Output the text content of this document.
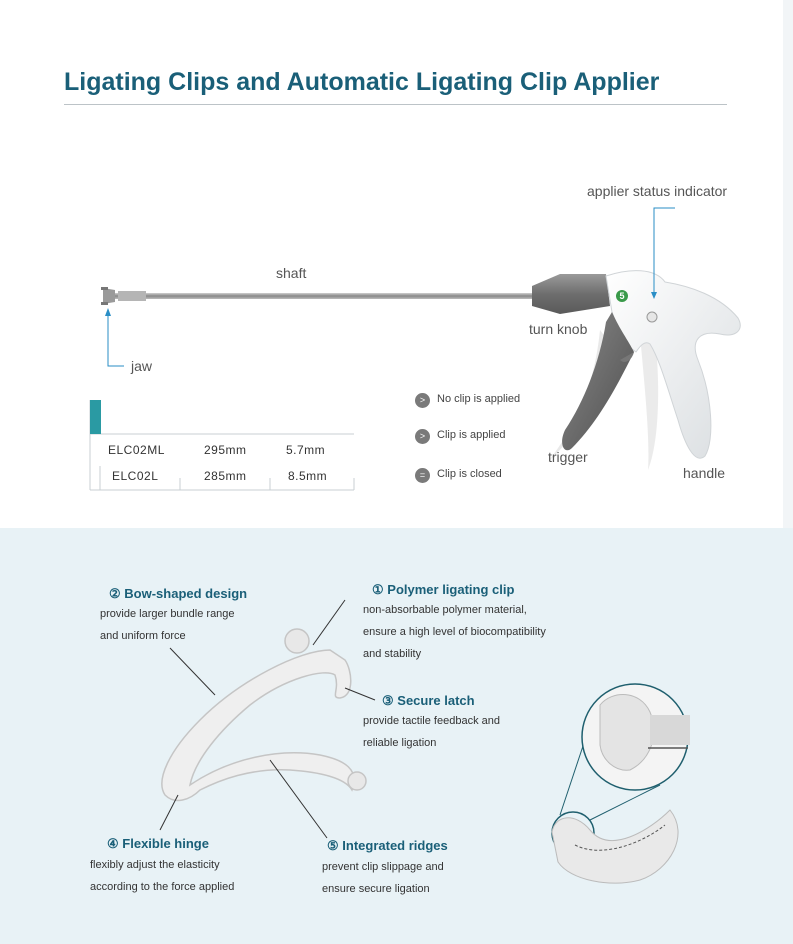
Ligating Clips and Automatic Ligating Clip Applier
applier status indicator
shaft
turn knob
jaw
trigger
handle
5
ELC02ML	295mm	5.7mm
ELC02L	285mm	8.5mm
>	No clip is applied
>	Clip is applied
=	Clip is closed
② Bow-shaped design
provide larger bundle range
and uniform force
① Polymer ligating clip
non-absorbable polymer material,
ensure a high level of biocompatibility
and stability
③ Secure latch
provide tactile feedback and
reliable ligation
④ Flexible hinge
flexibly adjust the elasticity
according to the force applied
⑤ Integrated ridges
prevent clip slippage and
ensure secure ligation
